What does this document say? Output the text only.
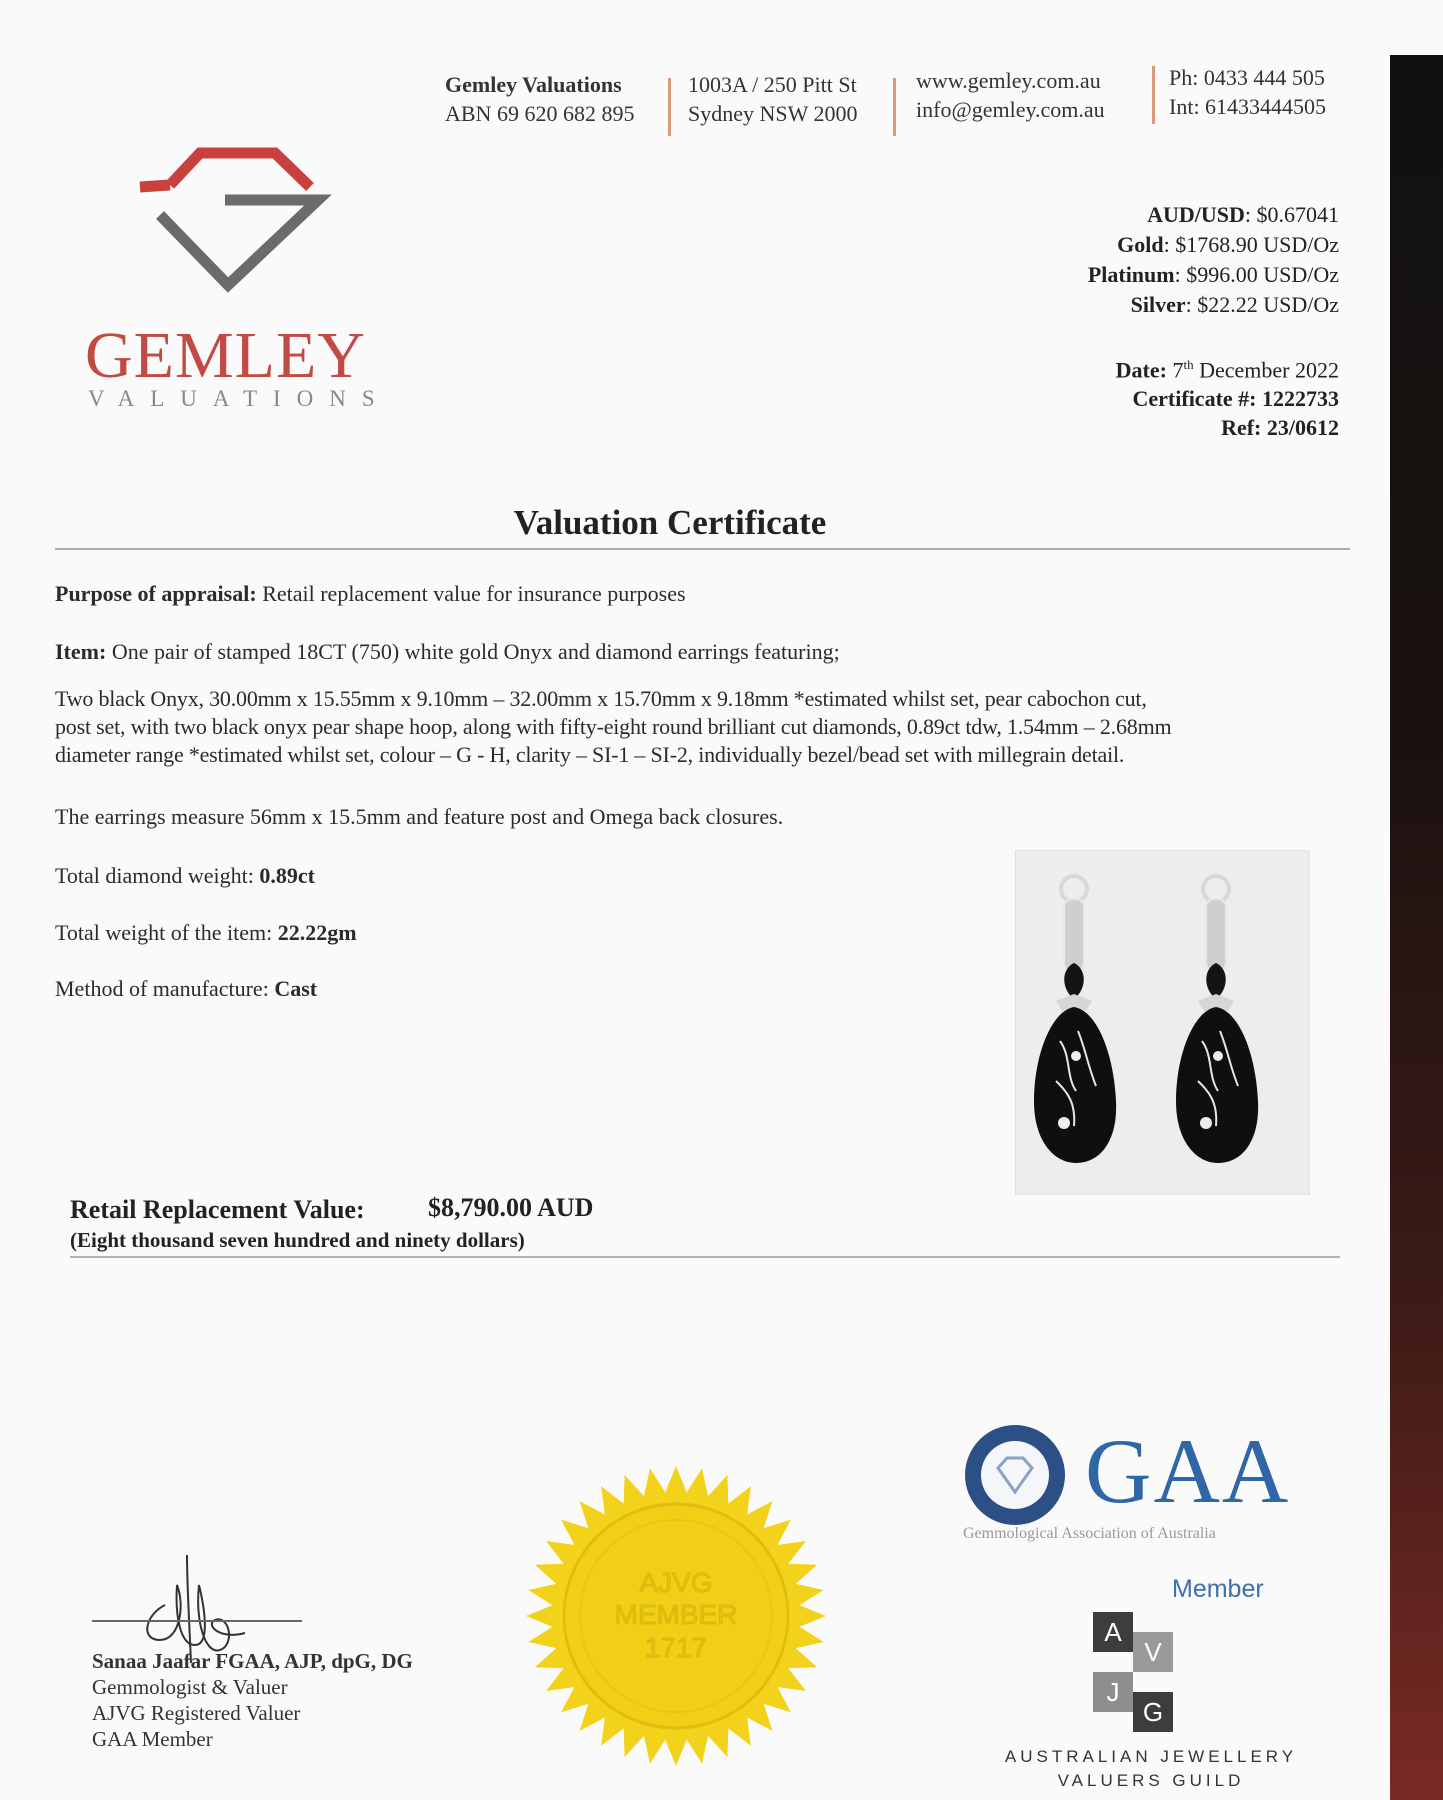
Gemley Valuations
ABN 69 620 682 895
1003A / 250 Pitt St
Sydney NSW 2000
www.gemley.com.au
info@gemley.com.au
Ph: 0433 444 505
Int: 61433444505
GEMLEY
VALUATIONS
AUD/USD: $0.67041
Gold: $1768.90 USD/Oz
Platinum: $996.00 USD/Oz
Silver: $22.22 USD/Oz
Date: 7th December 2022
Certificate #: 1222733
Ref: 23/0612
Valuation Certificate
Purpose of appraisal: Retail replacement value for insurance purposes
Item: One pair of stamped 18CT (750) white gold Onyx and diamond earrings featuring;
Two black Onyx, 30.00mm x 15.55mm x 9.10mm – 32.00mm x 15.70mm x 9.18mm *estimated whilst set, pear cabochon cut,
post set, with two black onyx pear shape hoop, along with fifty-eight round brilliant cut diamonds, 0.89ct tdw, 1.54mm – 2.68mm
diameter range *estimated whilst set, colour – G - H, clarity – SI-1 – SI-2, individually bezel/bead set with millegrain detail.
The earrings measure 56mm x 15.5mm and feature post and Omega back closures.
Total diamond weight: 0.89ct
Total weight of the item: 22.22gm
Method of manufacture: Cast
Retail Replacement Value: $8,790.00 AUD
(Eight thousand seven hundred and ninety dollars)
Sanaa Jaafar FGAA, AJP, dpG, DG
Gemmologist & Valuer
AJVG Registered Valuer
GAA Member
AJVG
MEMBER
1717
GAA
Gemmological Association of Australia
Member
A
V
J
G
AUSTRALIAN JEWELLERY
VALUERS GUILD
